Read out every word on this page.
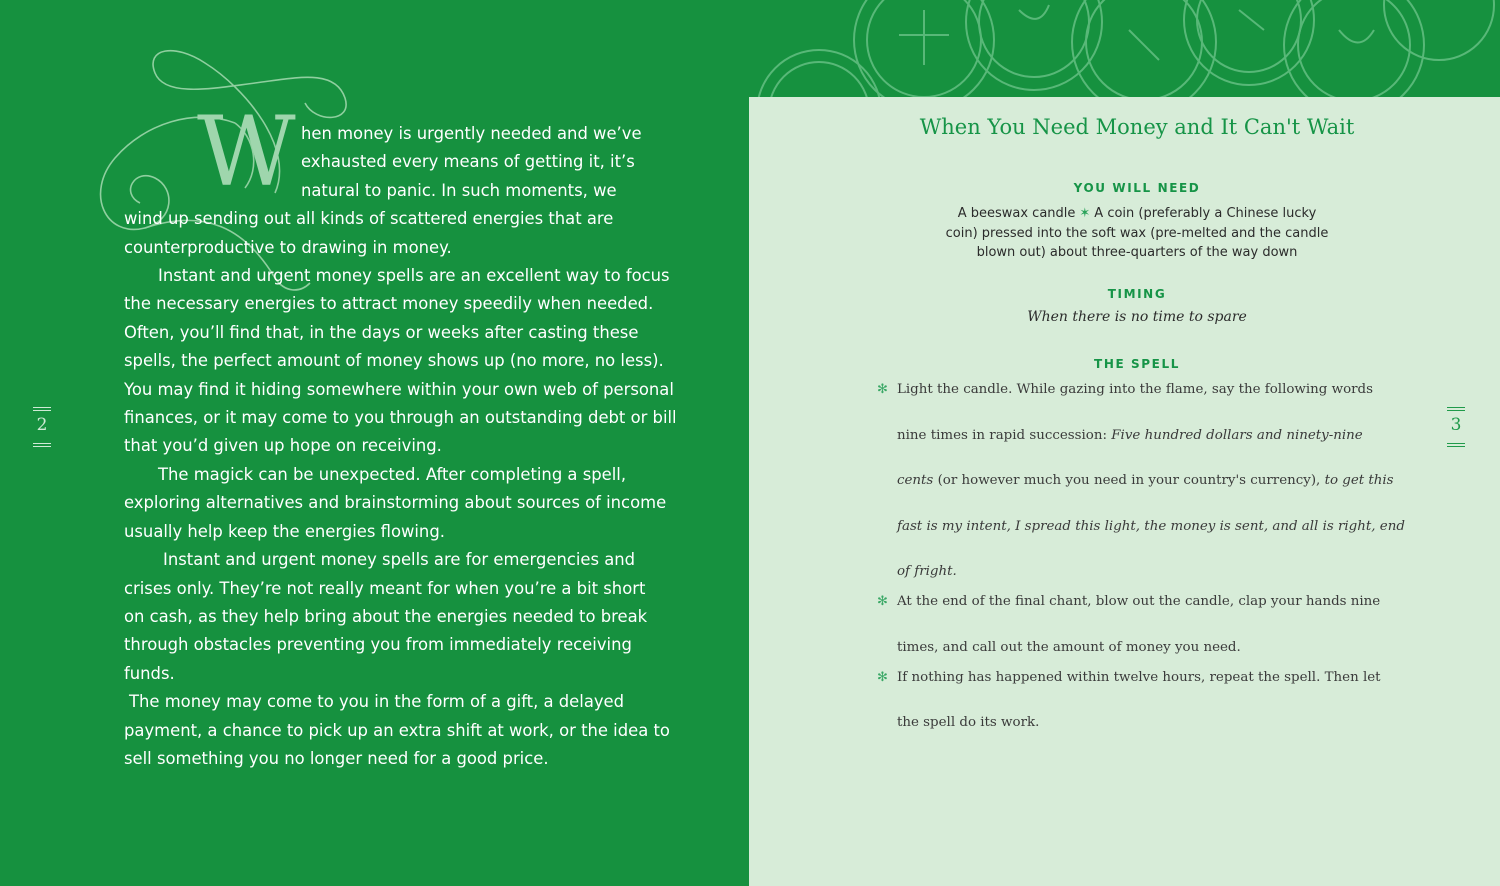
W hen money is urgently needed and we’ve
exhausted every means of getting it, it’s
natural to panic. In such moments, we
wind up sending out all kinds of scattered energies that are
counterproductive to drawing in money.

Instant and urgent money spells are an excellent way to focus
the necessary energies to attract money speedily when needed.
Often, you’ll find that, in the days or weeks after casting these
spells, the perfect amount of money shows up (no more, no less).
You may find it hiding somewhere within your own web of personal
finances, or it may come to you through an outstanding debt or bill
that you’d given up hope on receiving.

The magick can be unexpected. After completing a spell,
exploring alternatives and brainstorming about sources of income
usually help keep the energies flowing.

Instant and urgent money spells are for emergencies and
crises only. They’re not really meant for when you’re a bit short
on cash, as they help bring about the energies needed to break
through obstacles preventing you from immediately receiving
funds.

The money may come to you in the form of a gift, a delayed
payment, a chance to pick up an extra shift at work, or the idea to
sell something you no longer need for a good price.

2
When You Need Money and It Can't Wait
YOU WILL NEED
A beeswax candle ✶ A coin (preferably a Chinese lucky
coin) pressed into the soft wax (pre-melted and the candle
blown out) about three-quarters of the way down
TIMING
When there is no time to spare
THE SPELL
✻ Light the candle. While gazing into the flame, say the following words

nine times in rapid succession: Five hundred dollars and ninety-nine

cents (or however much you need in your country's currency), to get this

fast is my intent, I spread this light, the money is sent, and all is right, end

of fright.
✻ At the end of the final chant, blow out the candle, clap your hands nine

times, and call out the amount of money you need.
✻ If nothing has happened within twelve hours, repeat the spell. Then let

the spell do its work.
3
